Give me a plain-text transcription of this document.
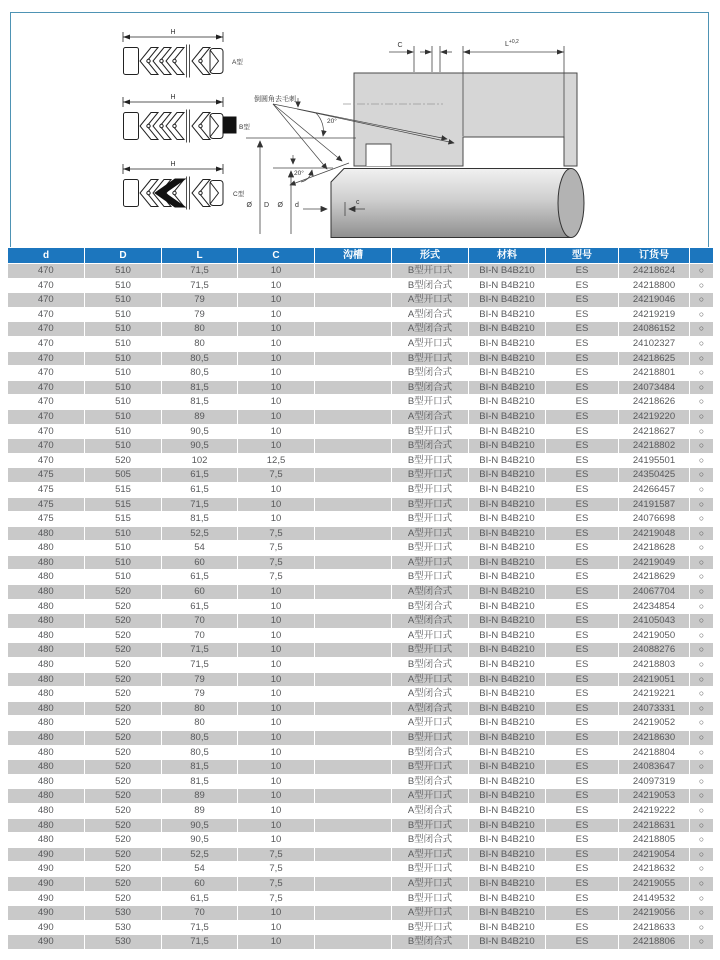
H
A型
H
B型
H
C型
C	$L^{+0,2}$
倒圆角去毛刺
20°
20°
Ø D Ø d	c
d	D	L	C	沟槽	形式	材料	型号	订货号	
470	510	71,5	10		B型开口式	BI-N B4B210	ES	24218624	○
470	510	71,5	10		B型闭合式	BI-N B4B210	ES	24218800	○
470	510	79	10		A型开口式	BI-N B4B210	ES	24219046	○
470	510	79	10		A型闭合式	BI-N B4B210	ES	24219219	○
470	510	80	10		A型闭合式	BI-N B4B210	ES	24086152	○
470	510	80	10		A型开口式	BI-N B4B210	ES	24102327	○
470	510	80,5	10		B型开口式	BI-N B4B210	ES	24218625	○
470	510	80,5	10		B型闭合式	BI-N B4B210	ES	24218801	○
470	510	81,5	10		B型闭合式	BI-N B4B210	ES	24073484	○
470	510	81,5	10		B型开口式	BI-N B4B210	ES	24218626	○
470	510	89	10		A型闭合式	BI-N B4B210	ES	24219220	○
470	510	90,5	10		B型开口式	BI-N B4B210	ES	24218627	○
470	510	90,5	10		B型闭合式	BI-N B4B210	ES	24218802	○
470	520	102	12,5		B型开口式	BI-N B4B210	ES	24195501	○
475	505	61,5	7,5		B型开口式	BI-N B4B210	ES	24350425	○
475	515	61,5	10		B型开口式	BI-N B4B210	ES	24266457	○
475	515	71,5	10		B型开口式	BI-N B4B210	ES	24191587	○
475	515	81,5	10		B型开口式	BI-N B4B210	ES	24076698	○
480	510	52,5	7,5		A型开口式	BI-N B4B210	ES	24219048	○
480	510	54	7,5		B型开口式	BI-N B4B210	ES	24218628	○
480	510	60	7,5		A型开口式	BI-N B4B210	ES	24219049	○
480	510	61,5	7,5		B型开口式	BI-N B4B210	ES	24218629	○
480	520	60	10		A型闭合式	BI-N B4B210	ES	24067704	○
480	520	61,5	10		B型闭合式	BI-N B4B210	ES	24234854	○
480	520	70	10		A型闭合式	BI-N B4B210	ES	24105043	○
480	520	70	10		A型开口式	BI-N B4B210	ES	24219050	○
480	520	71,5	10		B型开口式	BI-N B4B210	ES	24088276	○
480	520	71,5	10		B型闭合式	BI-N B4B210	ES	24218803	○
480	520	79	10		A型开口式	BI-N B4B210	ES	24219051	○
480	520	79	10		A型闭合式	BI-N B4B210	ES	24219221	○
480	520	80	10		A型闭合式	BI-N B4B210	ES	24073331	○
480	520	80	10		A型开口式	BI-N B4B210	ES	24219052	○
480	520	80,5	10		B型开口式	BI-N B4B210	ES	24218630	○
480	520	80,5	10		B型闭合式	BI-N B4B210	ES	24218804	○
480	520	81,5	10		B型开口式	BI-N B4B210	ES	24083647	○
480	520	81,5	10		B型闭合式	BI-N B4B210	ES	24097319	○
480	520	89	10		A型开口式	BI-N B4B210	ES	24219053	○
480	520	89	10		A型闭合式	BI-N B4B210	ES	24219222	○
480	520	90,5	10		B型开口式	BI-N B4B210	ES	24218631	○
480	520	90,5	10		B型闭合式	BI-N B4B210	ES	24218805	○
490	520	52,5	7,5		A型开口式	BI-N B4B210	ES	24219054	○
490	520	54	7,5		B型开口式	BI-N B4B210	ES	24218632	○
490	520	60	7,5		A型开口式	BI-N B4B210	ES	24219055	○
490	520	61,5	7,5		B型开口式	BI-N B4B210	ES	24149532	○
490	530	70	10		A型开口式	BI-N B4B210	ES	24219056	○
490	530	71,5	10		B型开口式	BI-N B4B210	ES	24218633	○
490	530	71,5	10		B型闭合式	BI-N B4B210	ES	24218806	○
